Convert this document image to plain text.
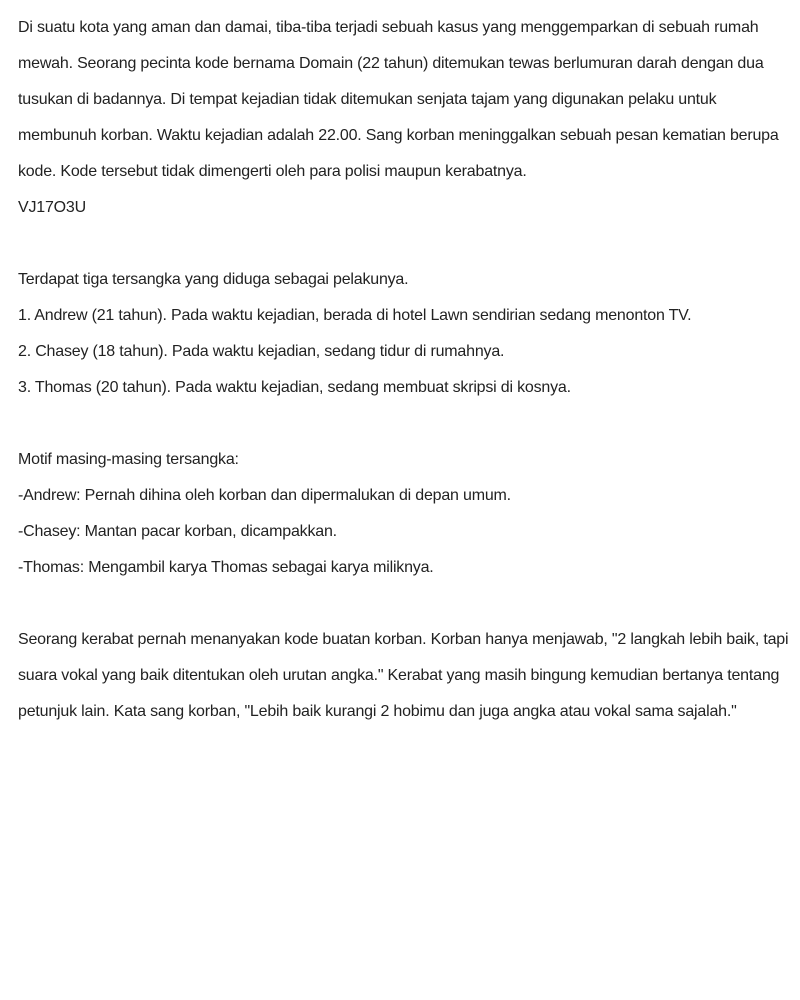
Di suatu kota yang aman dan damai, tiba-tiba terjadi sebuah kasus yang menggemparkan di sebuah rumah mewah. Seorang pecinta kode bernama Domain (22 tahun) ditemukan tewas berlumuran darah dengan dua tusukan di badannya. Di tempat kejadian tidak ditemukan senjata tajam yang digunakan pelaku untuk membunuh korban. Waktu kejadian adalah 22.00. Sang korban meninggalkan sebuah pesan kematian berupa kode. Kode tersebut tidak dimengerti oleh para polisi maupun kerabatnya.

VJ17O3U

Terdapat tiga tersangka yang diduga sebagai pelakunya.

1. Andrew (21 tahun). Pada waktu kejadian, berada di hotel Lawn sendirian sedang menonton TV.

2. Chasey (18 tahun). Pada waktu kejadian, sedang tidur di rumahnya.

3. Thomas (20 tahun). Pada waktu kejadian, sedang membuat skripsi di kosnya.

Motif masing-masing tersangka:

-Andrew: Pernah dihina oleh korban dan dipermalukan di depan umum.

-Chasey: Mantan pacar korban, dicampakkan.

-Thomas: Mengambil karya Thomas sebagai karya miliknya.

Seorang kerabat pernah menanyakan kode buatan korban. Korban hanya menjawab, "2 langkah lebih baik, tapi suara vokal yang baik ditentukan oleh urutan angka." Kerabat yang masih bingung kemudian bertanya tentang petunjuk lain. Kata sang korban, "Lebih baik kurangi 2 hobimu dan juga angka atau vokal sama sajalah."
